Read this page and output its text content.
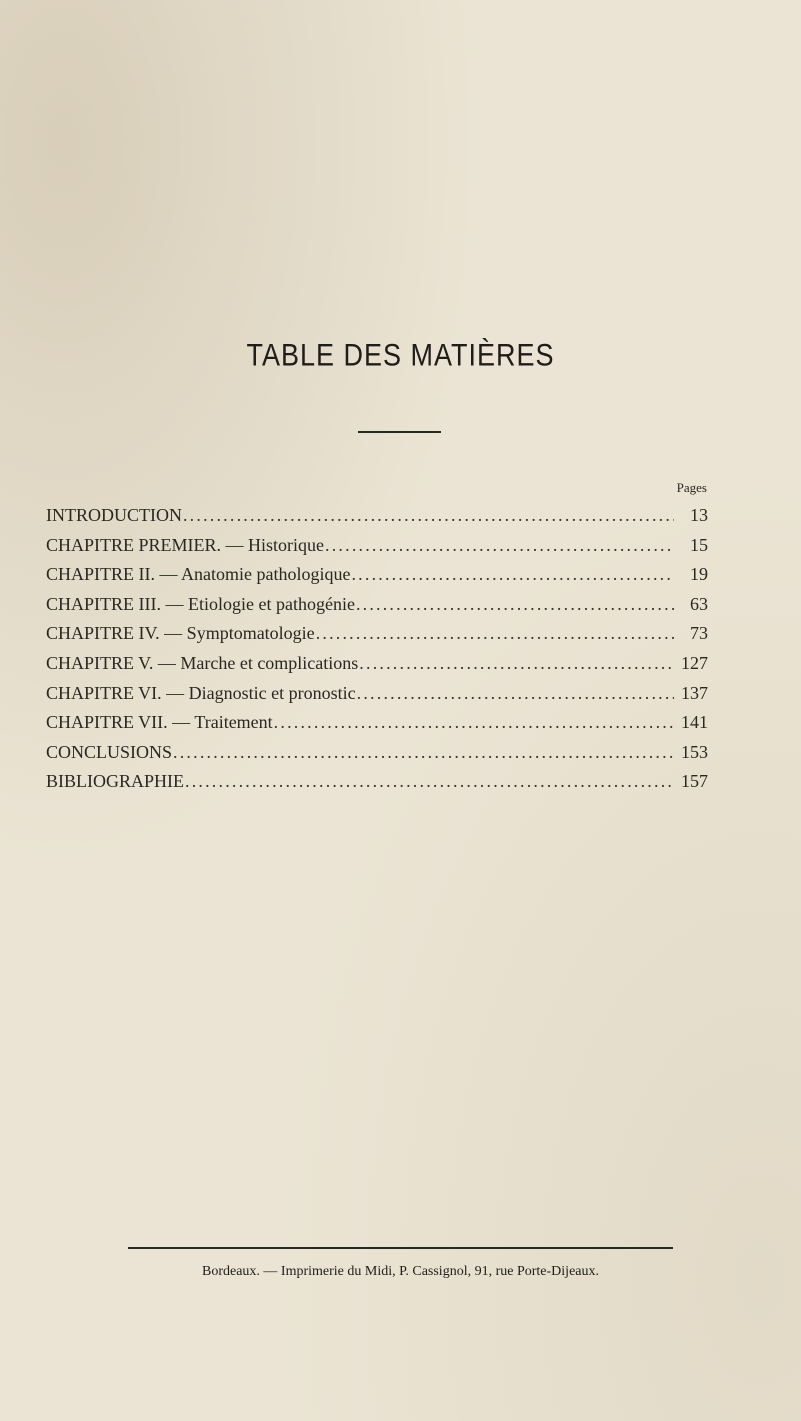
TABLE DES MATIÈRES
Pages
INTRODUCTION .....	13
CHAPITRE PREMIER. — Historique .....	15
CHAPITRE II. — Anatomie pathologique .....	19
CHAPITRE III. — Etiologie et pathogénie .....	63
CHAPITRE IV. — Symptomatologie .....	73
CHAPITRE V. — Marche et complications .....	127
CHAPITRE VI. — Diagnostic et pronostic .....	137
CHAPITRE VII. — Traitement .....	141
CONCLUSIONS .....	153
BIBLIOGRAPHIE .....	157
Bordeaux. — Imprimerie du Midi, P. Cassignol, 91, rue Porte-Dijeaux.
